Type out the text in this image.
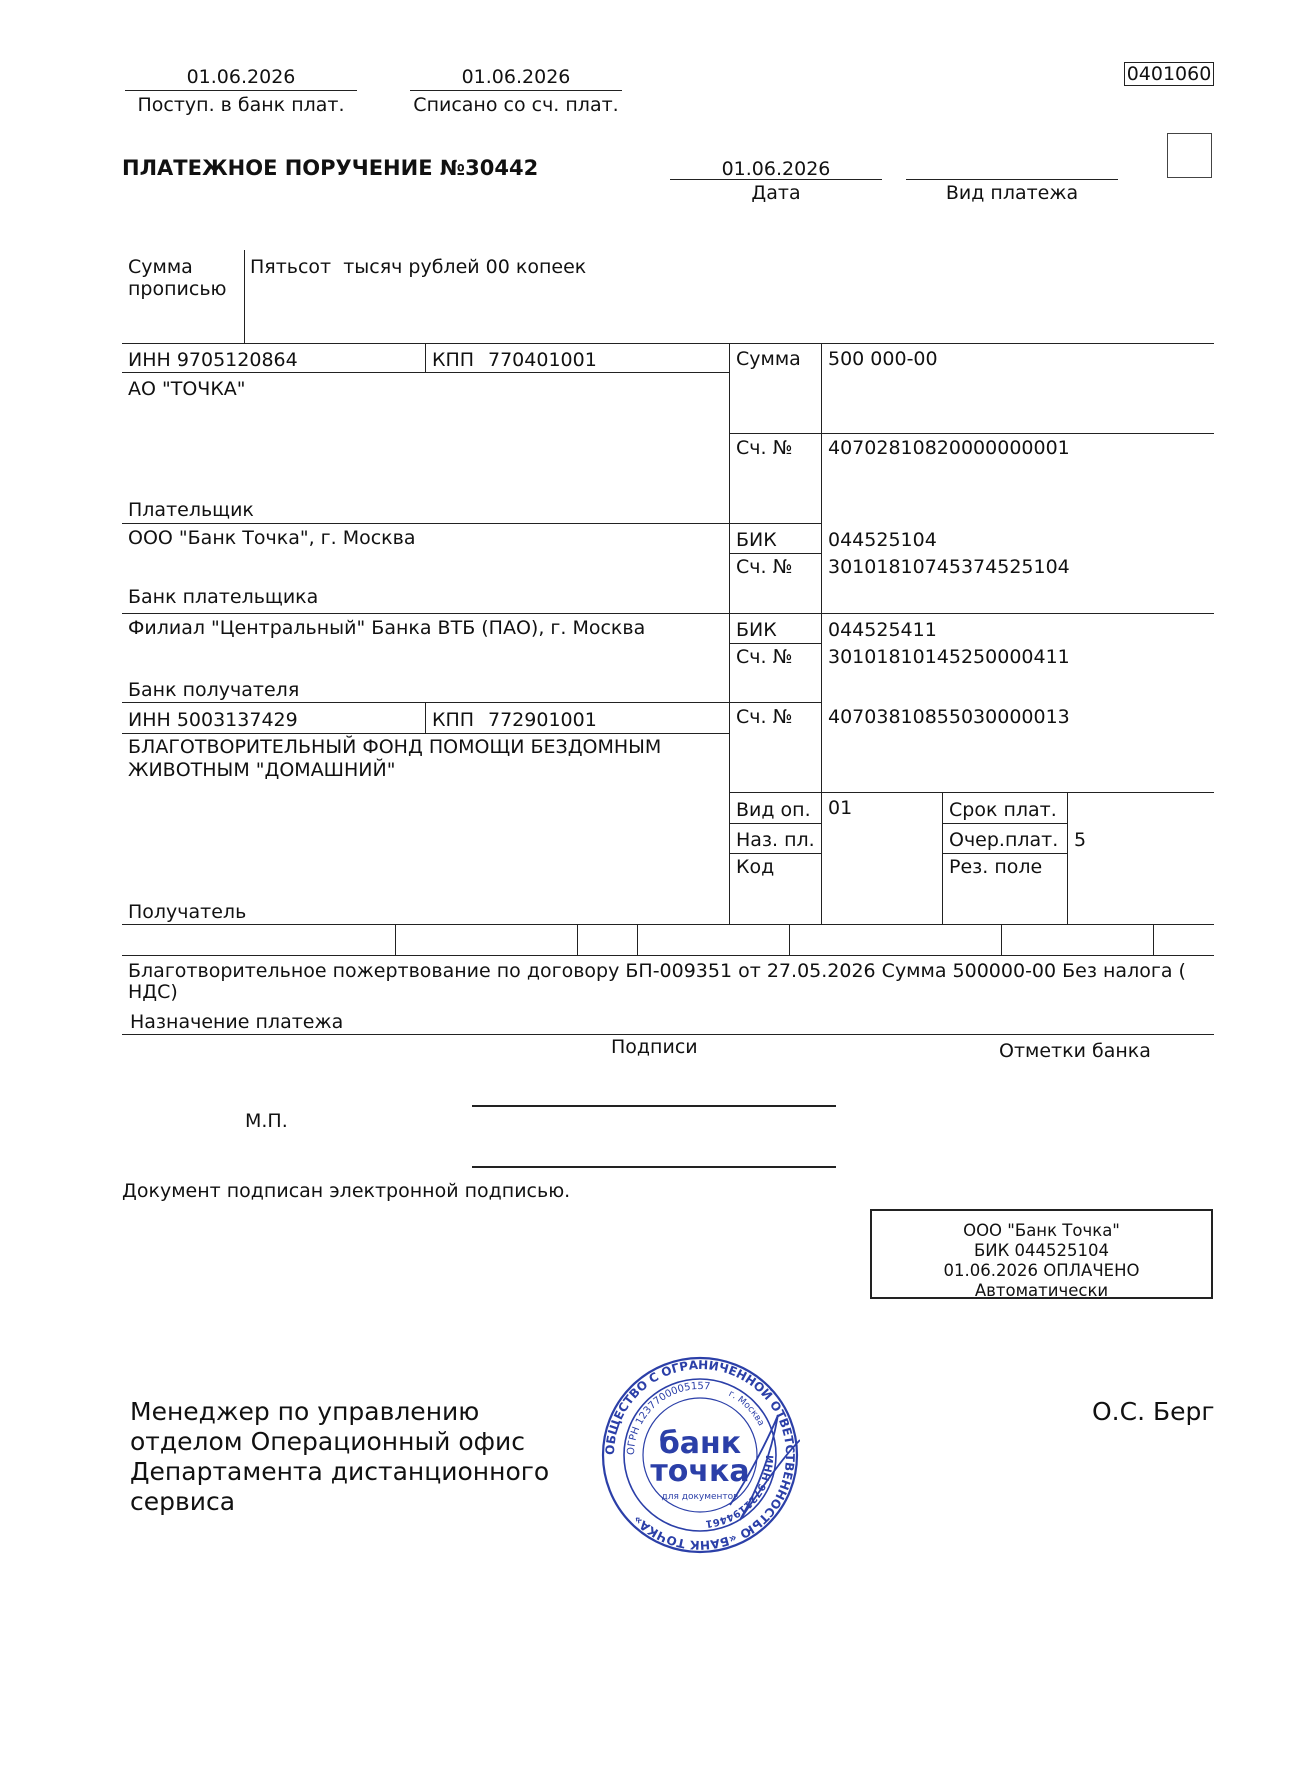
01.06.2026
Поступ. в банк плат.
01.06.2026
Списано со сч. плат.
0401060
ПЛАТЕЖНОЕ ПОРУЧЕНИЕ №30442	01.06.2026
Дата	Вид платежа
Сумма
прописью
Пятьсот  тысяч рублей 00 копеек
ИНН 9705120864	КПП 770401001
АО "ТОЧКА"
Плательщик
Сумма 500 000-00
Сч. № 40702810820000000001
ООО "Банк Точка", г. Москва
Банк плательщика
БИК	044525104
Сч. № 30101810745374525104
Филиал "Центральный" Банка ВТБ (ПАО), г. Москва
Банк получателя
БИК	044525411
Сч. № 30101810145250000411
ИНН 5003137429	КПП 772901001
БЛАГОТВОРИТЕЛЬНЫЙ ФОНД ПОМОЩИ БЕЗДОМНЫМ
ЖИВОТНЫМ "ДОМАШНИЙ"
Получатель
Сч. № 40703810855030000013
Вид оп. 01
Наз. пл.
Код
Срок плат.
Очер.плат. 5
Рез. поле
Благотворительное пожертвование по договору БП-009351 от 27.05.2026 Сумма 500000-00 Без налога (
НДС)
Назначение платежа
Подписи	Отметки банка
М.П.
Документ подписан электронной подписью.
ООО "Банк Точка"
БИК 044525104
01.06.2026 ОПЛАЧЕНО
Автоматически
Менеджер по управлению
отделом Операционный офис
Департамента дистанционного
сервиса
О.С. Берг
ОБЩЕСТВО С ОГРАНИЧЕННОЙ ОТВЕТСТВЕННОСТЬЮ «БАНК ТОЧКА»
ИНН 9721194461
ОГРН 1237700005157
г. Москва
банк
точка
для документов
